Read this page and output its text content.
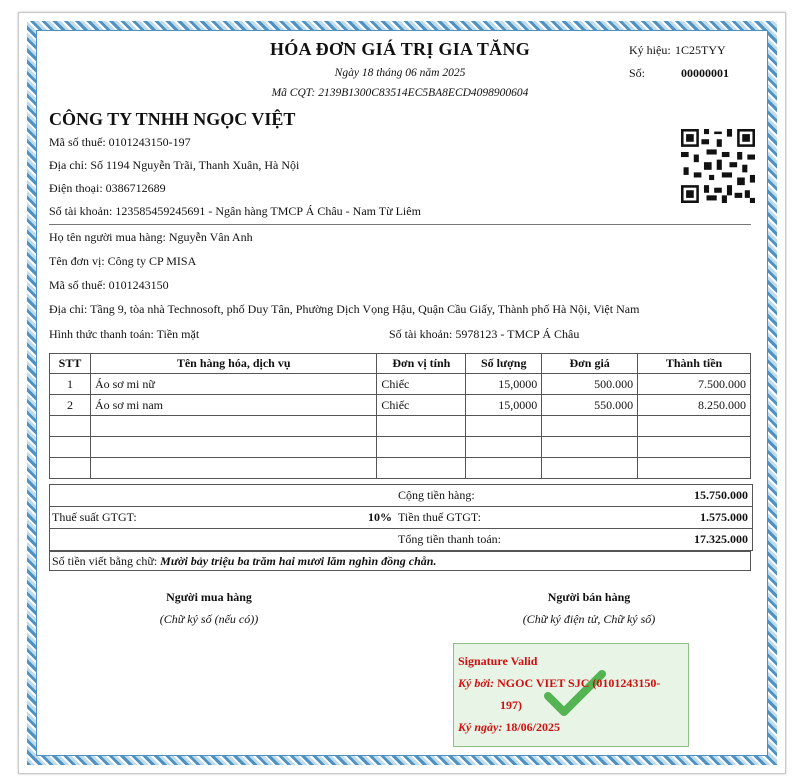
HÓA ĐƠN GIÁ TRỊ GIA TĂNG
Ngày 18 tháng 06 năm 2025
Mã CQT: 2139B1300C83514EC5BA8ECD4098900604
Ký hiệu: 1C25TYY
Số:	00000001
CÔNG TY TNHH NGỌC VIỆT
Mã số thuế: 0101243150-197
Địa chỉ: Số 1194 Nguyễn Trãi, Thanh Xuân, Hà Nội
Điện thoại: 0386712689
Số tài khoản: 123585459245691 - Ngân hàng TMCP Á Châu - Nam Từ Liêm
Họ tên người mua hàng: Nguyễn Vân Anh
Tên đơn vị: Công ty CP MISA
Mã số thuế: 0101243150
Địa chỉ: Tầng 9, tòa nhà Technosoft, phố Duy Tân, Phường Dịch Vọng Hậu, Quận Cầu Giấy, Thành phố Hà Nội, Việt Nam
Hình thức thanh toán: Tiền mặt	Số tài khoản: 5978123 - TMCP Á Châu
STT	Tên hàng hóa, dịch vụ	Đơn vị tính	Số lượng	Đơn giá	Thành tiền
1	Áo sơ mi nữ	Chiếc	15,0000	500.000	7.500.000
2	Áo sơ mi nam	Chiếc	15,0000	550.000	8.250.000

Cộng tiền hàng:	15.750.000
Thuế suất GTGT:	10% Tiền thuế GTGT:	1.575.000
Tổng tiền thanh toán:	17.325.000
Số tiền viết bằng chữ: Mười bảy triệu ba trăm hai mươi lăm nghìn đồng chẵn.
Người mua hàng
(Chữ ký số (nếu có))
Người bán hàng
(Chữ ký điện tử, Chữ ký số)
Signature Valid
Ký bởi: NGOC VIET SJC (0101243150-
197)
Ký ngày: 18/06/2025
